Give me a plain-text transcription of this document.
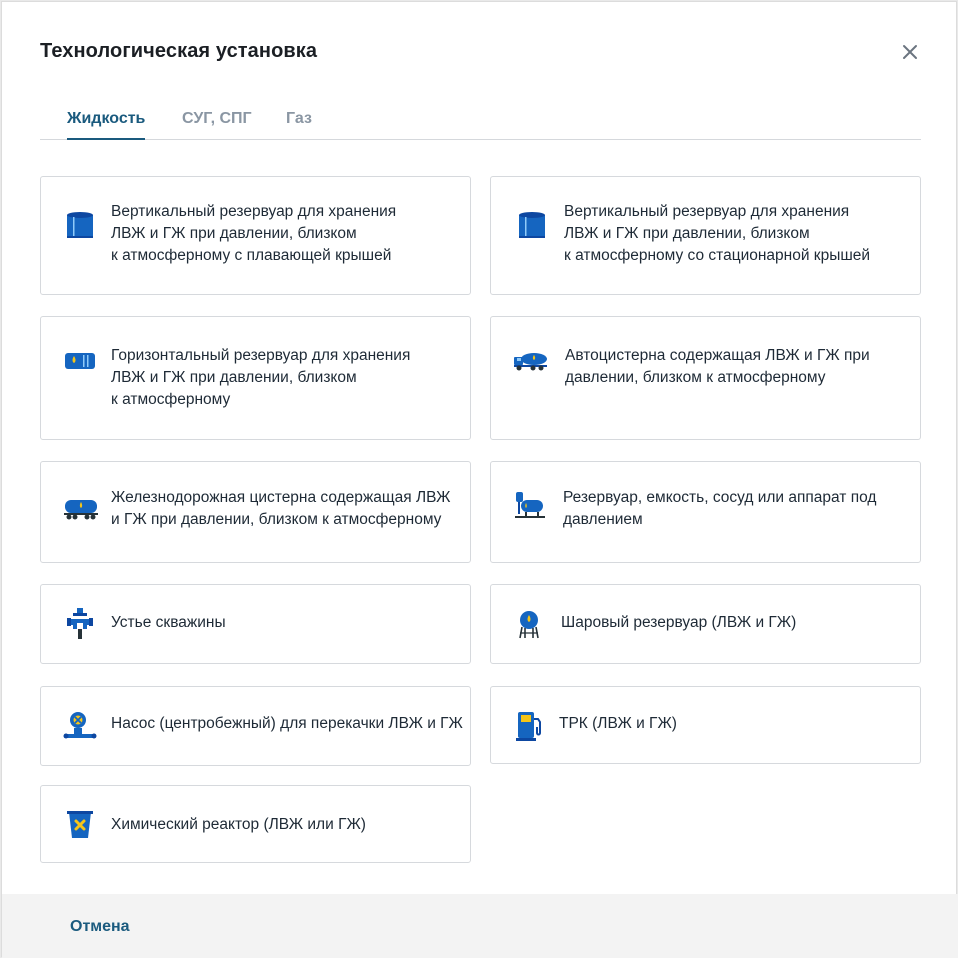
Технологическая установка
Жидкость СУГ, СПГ Газ
Вертикальный резервуар для хранения
ЛВЖ и ГЖ при давлении, близком
к атмосферному с плавающей крышей
Вертикальный резервуар для хранения
ЛВЖ и ГЖ при давлении, близком
к атмосферному со стационарной крышей
Горизонтальный резервуар для хранения
ЛВЖ и ГЖ при давлении, близком
к атмосферному
Автоцистерна содержащая ЛВЖ и ГЖ при
давлении, близком к атмосферному
Железнодорожная цистерна содержащая ЛВЖ
и ГЖ при давлении, близком к атмосферному
Резервуар, емкость, сосуд или аппарат под
давлением
Устье скважины	Шаровый резервуар (ЛВЖ и ГЖ)
Насос (центробежный) для перекачки ЛВЖ и ГЖ	ТРК (ЛВЖ и ГЖ)
Химический реактор (ЛВЖ или ГЖ)
Отмена
